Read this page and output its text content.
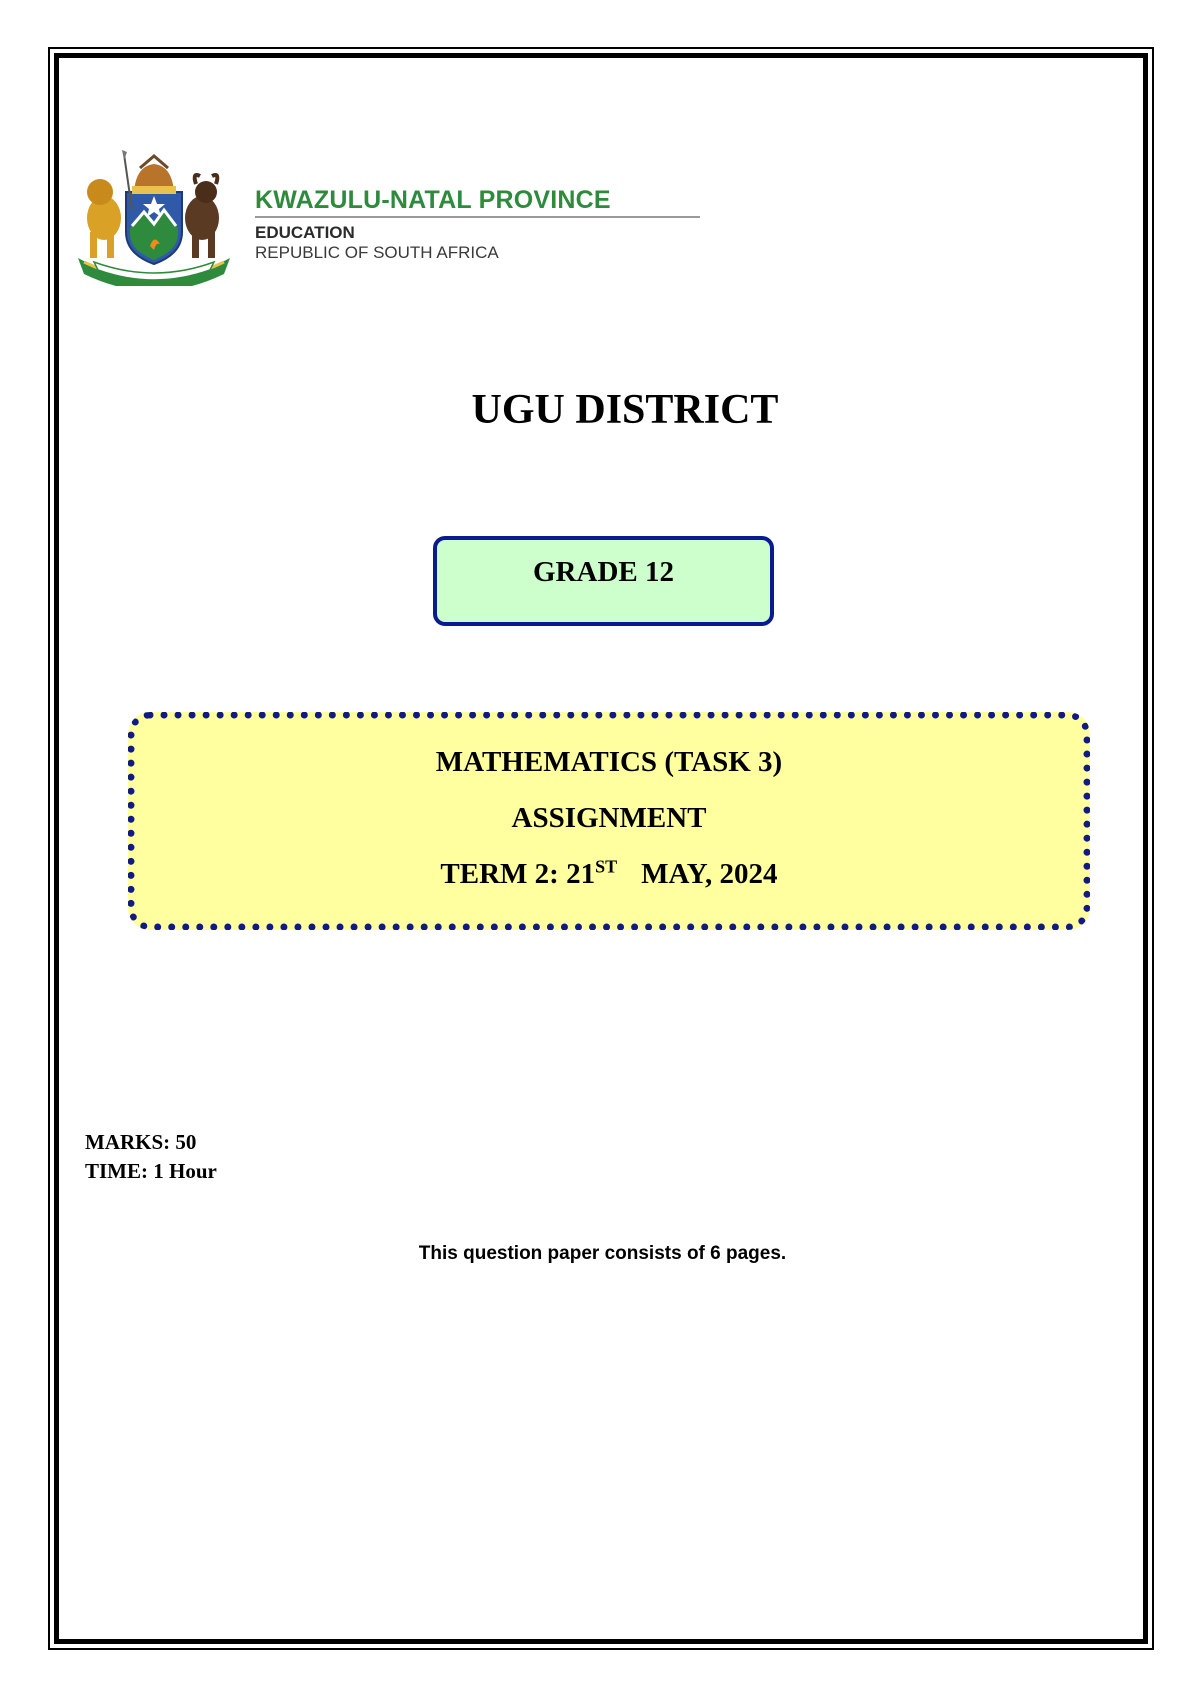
KWAZULU-NATAL PROVINCE
EDUCATION
REPUBLIC OF SOUTH AFRICA
UGU DISTRICT
GRADE 12
MATHEMATICS (TASK 3)
ASSIGNMENT
TERM 2: 21ST MAY, 2024
MARKS: 50
TIME: 1 Hour
This question paper consists of 6 pages.
